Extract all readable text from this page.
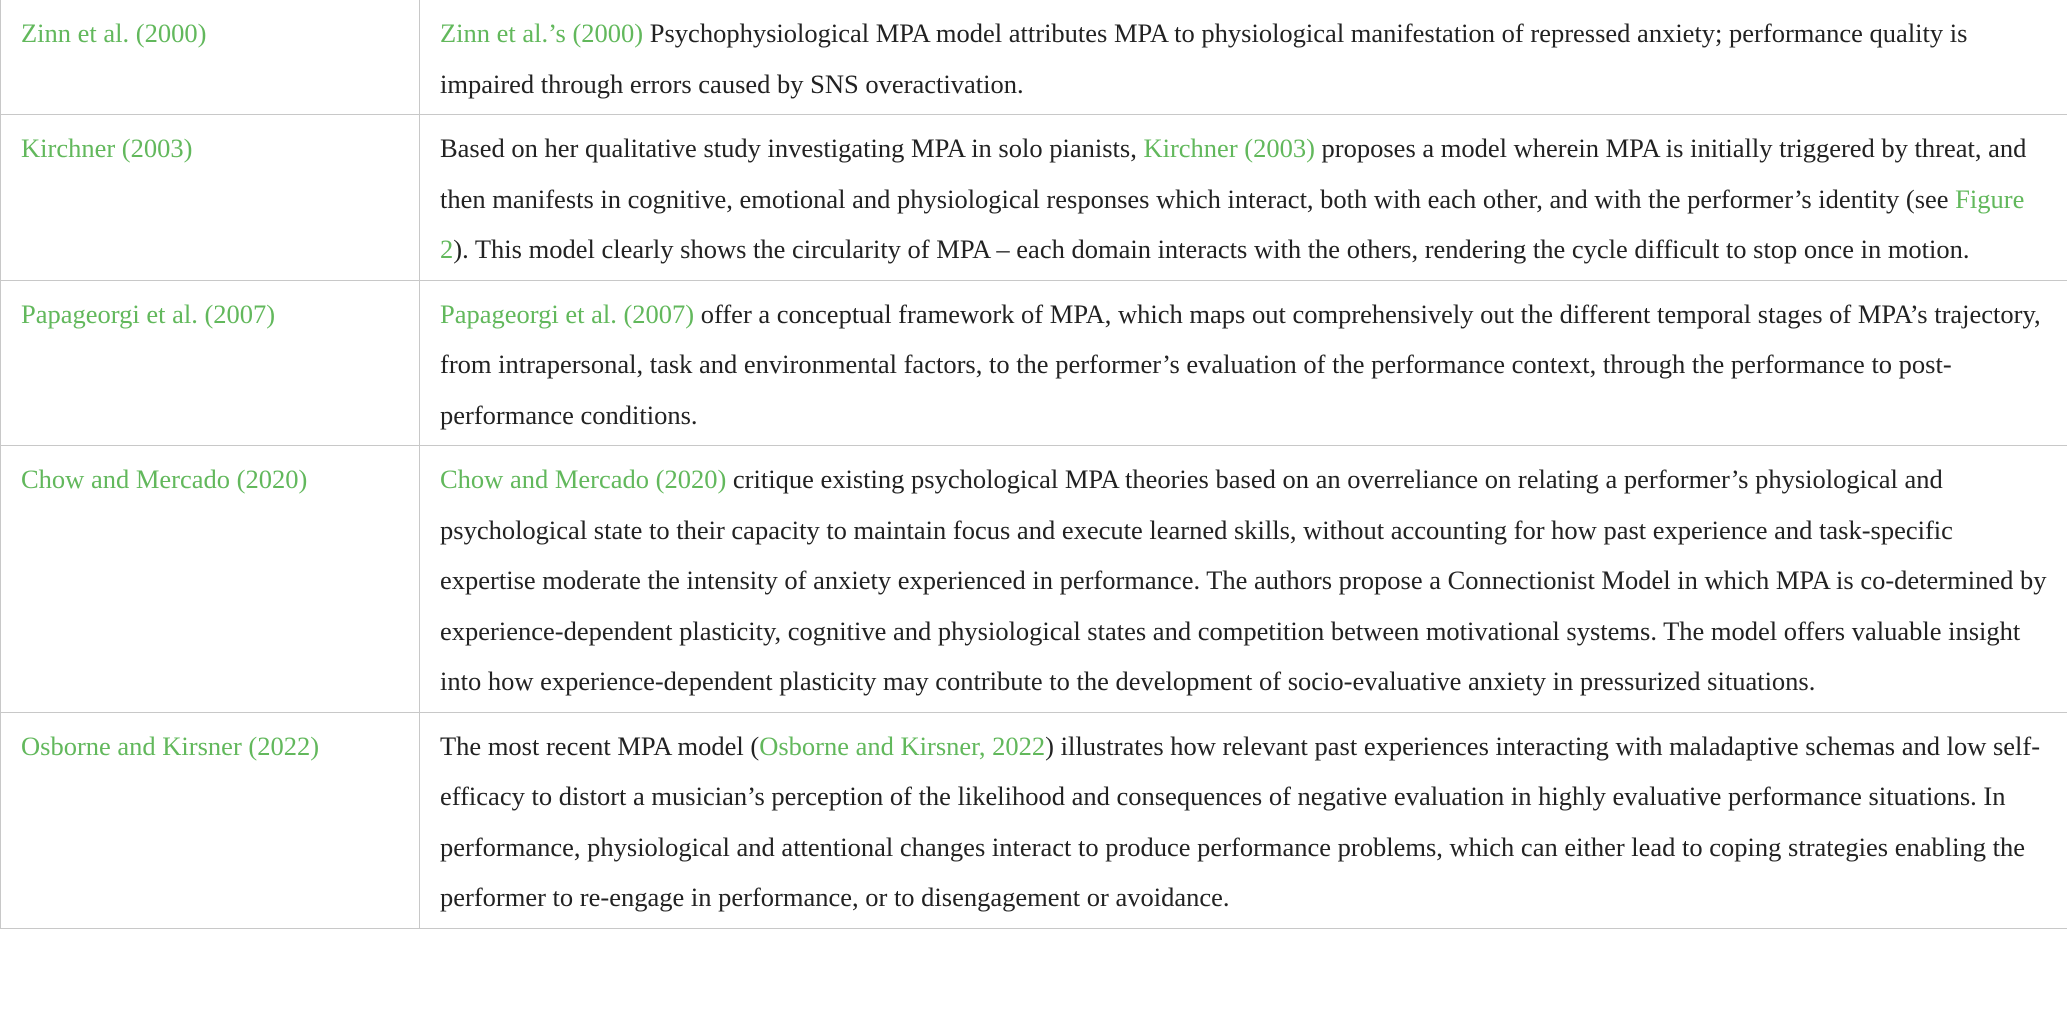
Zinn et al. (2000)	Zinn et al.’s (2000) Psychophysiological MPA model attributes MPA to physiological manifestation of repressed anxiety; performance quality is impaired through errors caused by SNS overactivation.
Kirchner (2003)	Based on her qualitative study investigating MPA in solo pianists, Kirchner (2003) proposes a model wherein MPA is initially triggered by threat, and then manifests in cognitive, emotional and physiological responses which interact, both with each other, and with the performer’s identity (see Figure 2). This model clearly shows the circularity of MPA – each domain interacts with the others, rendering the cycle difficult to stop once in motion.
Papageorgi et al. (2007)	Papageorgi et al. (2007) offer a conceptual framework of MPA, which maps out comprehensively out the different temporal stages of MPA’s trajectory, from intrapersonal, task and environmental factors, to the performer’s evaluation of the performance context, through the performance to post-performance conditions.
Chow and Mercado (2020)	Chow and Mercado (2020) critique existing psychological MPA theories based on an overreliance on relating a performer’s physiological and psychological state to their capacity to maintain focus and execute learned skills, without accounting for how past experience and task-specific expertise moderate the intensity of anxiety experienced in performance. The authors propose a Connectionist Model in which MPA is co-determined by experience-dependent plasticity, cognitive and physiological states and competition between motivational systems. The model offers valuable insight into how experience-dependent plasticity may contribute to the development of socio-evaluative anxiety in pressurized situations.
Osborne and Kirsner (2022)	The most recent MPA model (Osborne and Kirsner, 2022) illustrates how relevant past experiences interacting with maladaptive schemas and low self-efficacy to distort a musician’s perception of the likelihood and consequences of negative evaluation in highly evaluative performance situations. In performance, physiological and attentional changes interact to produce performance problems, which can either lead to coping strategies enabling the performer to re-engage in performance, or to disengagement or avoidance.
